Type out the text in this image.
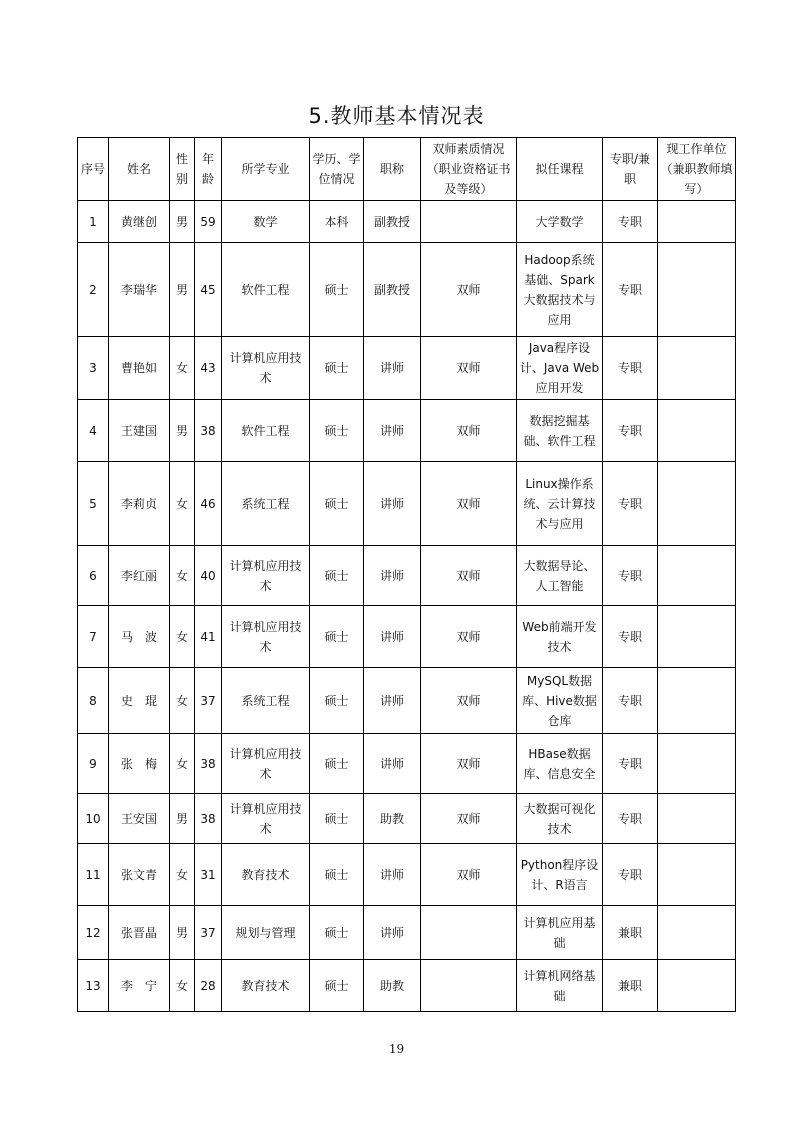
5.教师基本情况表
序号	姓名	性别	年龄	所学专业	学历、学位情况	职称	双师素质情况（职业资格证书及等级）	拟任课程	专职/兼职	现工作单位（兼职教师填写）
1	黄继创	男	59	数学	本科	副教授		大学数学	专职	
2	李瑞华	男	45	软件工程	硕士	副教授	双师	Hadoop系统基础、Spark大数据技术与应用	专职	
3	曹艳如	女	43	计算机应用技术	硕士	讲师	双师	Java程序设计、Java Web应用开发	专职	
4	王建国	男	38	软件工程	硕士	讲师	双师	数据挖掘基础、软件工程	专职	
5	李莉贞	女	46	系统工程	硕士	讲师	双师	Linux操作系统、云计算技术与应用	专职	
6	李红丽	女	40	计算机应用技术	硕士	讲师	双师	大数据导论、人工智能	专职	
7	马　波	女	41	计算机应用技术	硕士	讲师	双师	Web前端开发技术	专职	
8	史　琨	女	37	系统工程	硕士	讲师	双师	MySQL数据库、Hive数据仓库	专职	
9	张　梅	女	38	计算机应用技术	硕士	讲师	双师	HBase数据库、信息安全	专职	
10	王安国	男	38	计算机应用技术	硕士	助教	双师	大数据可视化技术	专职	
11	张文青	女	31	教育技术	硕士	讲师	双师	Python程序设计、R语言	专职	
12	张晋晶	男	37	规划与管理	硕士	讲师		计算机应用基础	兼职	
13	李　宁	女	28	教育技术	硕士	助教		计算机网络基础	兼职	
19
